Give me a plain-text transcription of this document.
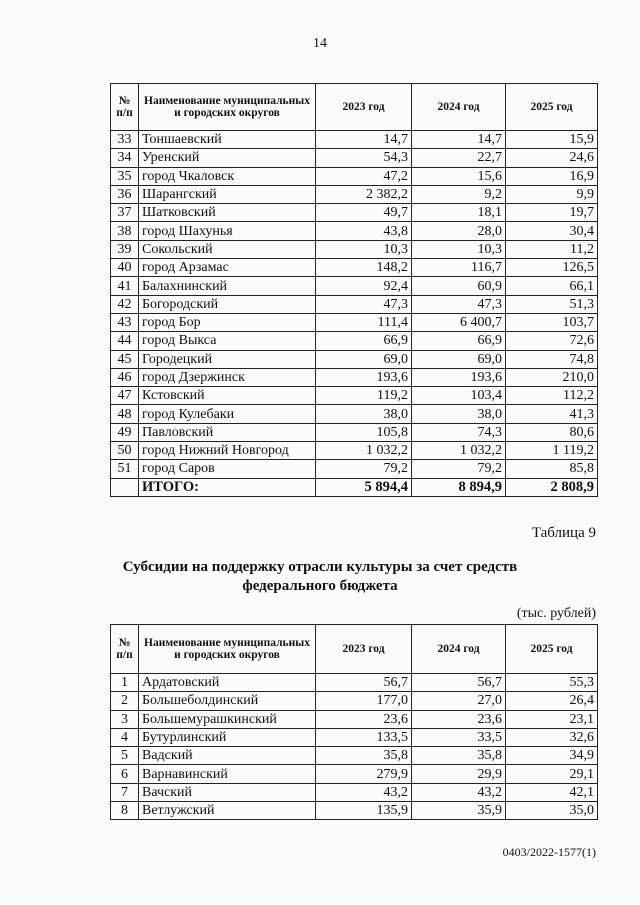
14
№ п/п	Наименование муниципальных и городских округов	2023 год	2024 год	2025 год
33	Тоншаевский	14,7	14,7	15,9
34	Уренский	54,3	22,7	24,6
35	город Чкаловск	47,2	15,6	16,9
36	Шарангский	2 382,2	9,2	9,9
37	Шатковский	49,7	18,1	19,7
38	город Шахунья	43,8	28,0	30,4
39	Сокольский	10,3	10,3	11,2
40	город Арзамас	148,2	116,7	126,5
41	Балахнинский	92,4	60,9	66,1
42	Богородский	47,3	47,3	51,3
43	город Бор	111,4	6 400,7	103,7
44	город Выкса	66,9	66,9	72,6
45	Городецкий	69,0	69,0	74,8
46	город Дзержинск	193,6	193,6	210,0
47	Кстовский	119,2	103,4	112,2
48	город Кулебаки	38,0	38,0	41,3
49	Павловский	105,8	74,3	80,6
50	город Нижний Новгород	1 032,2	1 032,2	1 119,2
51	город Саров	79,2	79,2	85,8
	ИТОГО:	5 894,4	8 894,9	2 808,9
Таблица 9
Субсидии на поддержку отрасли культуры за счет средств
федерального бюджета
(тыс. рублей)
№ п/п	Наименование муниципальных и городских округов	2023 год	2024 год	2025 год
1	Ардатовский	56,7	56,7	55,3
2	Большеболдинский	177,0	27,0	26,4
3	Большемурашкинский	23,6	23,6	23,1
4	Бутурлинский	133,5	33,5	32,6
5	Вадский	35,8	35,8	34,9
6	Варнавинский	279,9	29,9	29,1
7	Вачский	43,2	43,2	42,1
8	Ветлужский	135,9	35,9	35,0
0403/2022-1577(1)
